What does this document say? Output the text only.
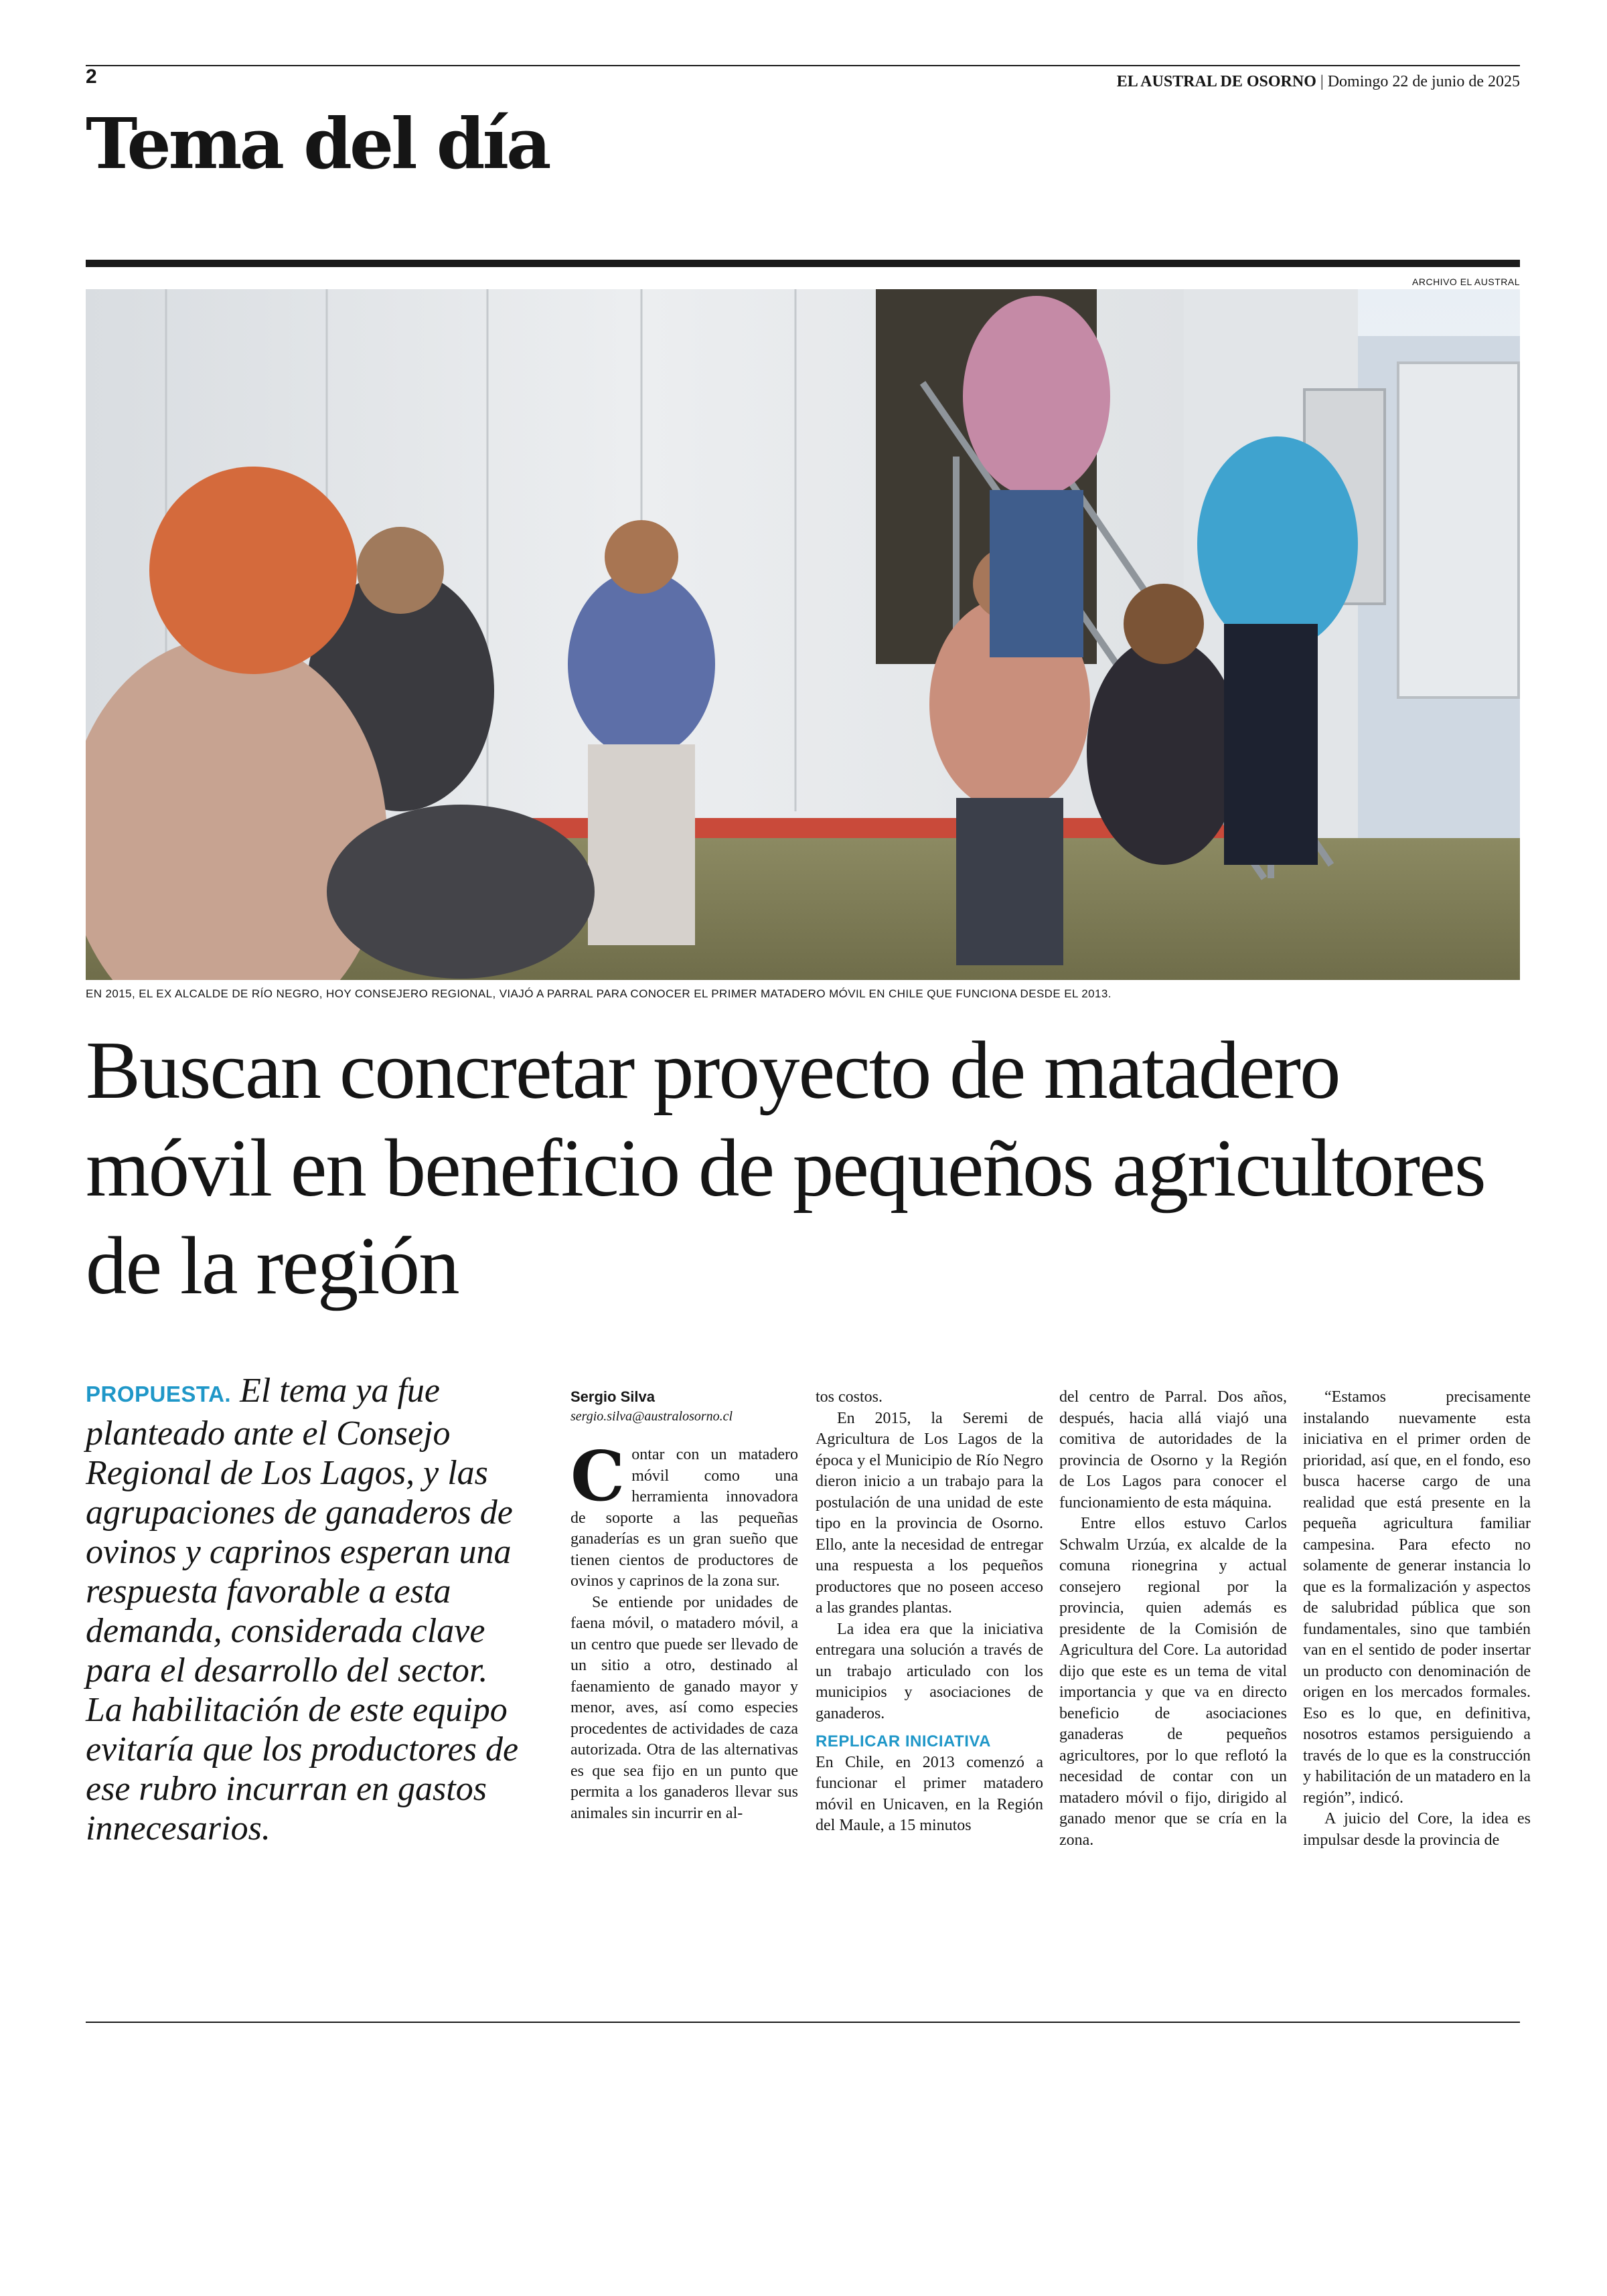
2	EL AUSTRAL DE OSORNO | Domingo 22 de junio de 2025
Tema del día
ARCHIVO EL AUSTRAL
EN 2015, EL EX ALCALDE DE RÍO NEGRO, HOY CONSEJERO REGIONAL, VIAJÓ A PARRAL PARA CONOCER EL PRIMER MATADERO MÓVIL EN CHILE QUE FUNCIONA DESDE EL 2013.
Buscan concretar proyecto de matadero móvil en beneficio de pequeños agricultores de la región
PROPUESTA. El tema ya fue planteado ante el Consejo Regional de Los Lagos, y las agrupaciones de ganaderos de ovinos y caprinos esperan una respuesta favorable a esta demanda, considerada clave para el desarrollo del sector. La habilitación de este equipo evitaría que los productores de ese rubro incurran en gastos innecesarios.
Sergio Silva
sergio.silva@australosorno.cl

Contar con un matadero móvil como una herramienta innovadora de soporte a las pequeñas ganaderías es un gran sueño que tienen cientos de productores de ovinos y caprinos de la zona sur.

Se entiende por unidades de faena móvil, o matadero móvil, a un centro que puede ser llevado de un sitio a otro, destinado al faenamiento de ganado mayor y menor, aves, así como especies procedentes de actividades de caza autorizada. Otra de las alternativas es que sea fijo en un punto que permita a los ganaderos llevar sus animales sin incurrir en al-

tos costos.

En 2015, la Seremi de Agricultura de Los Lagos de la época y el Municipio de Río Negro dieron inicio a un trabajo para la postulación de una unidad de este tipo en la provincia de Osorno. Ello, ante la necesidad de entregar una respuesta a los pequeños productores que no poseen acceso a las grandes plantas.

La idea era que la iniciativa entregara una solución a través de un trabajo articulado con los municipios y asociaciones de ganaderos.

REPLICAR INICIATIVA

En Chile, en 2013 comenzó a funcionar el primer matadero móvil en Unicaven, en la Región del Maule, a 15 minutos

del centro de Parral. Dos años, después, hacia allá viajó una comitiva de autoridades de la provincia de Osorno y la Región de Los Lagos para conocer el funcionamiento de esta máquina.

Entre ellos estuvo Carlos Schwalm Urzúa, ex alcalde de la comuna rionegrina y actual consejero regional por la provincia, quien además es presidente de la Comisión de Agricultura del Core. La autoridad dijo que este es un tema de vital importancia y que va en directo beneficio de asociaciones ganaderas de pequeños agricultores, por lo que reflotó la necesidad de contar con un matadero móvil o fijo, dirigido al ganado menor que se cría en la zona.

“Estamos precisamente instalando nuevamente esta iniciativa en el primer orden de prioridad, así que, en el fondo, eso busca hacerse cargo de una realidad que está presente en la pequeña agricultura familiar campesina. Para efecto no solamente de generar instancia lo que es la formalización y aspectos de salubridad pública que son fundamentales, sino que también van en el sentido de poder insertar un producto con denominación de origen en los mercados formales. Eso es lo que, en definitiva, nosotros estamos persiguiendo a través de lo que es la construcción y habilitación de un matadero en la región”, indicó.

A juicio del Core, la idea es impulsar desde la provincia de
